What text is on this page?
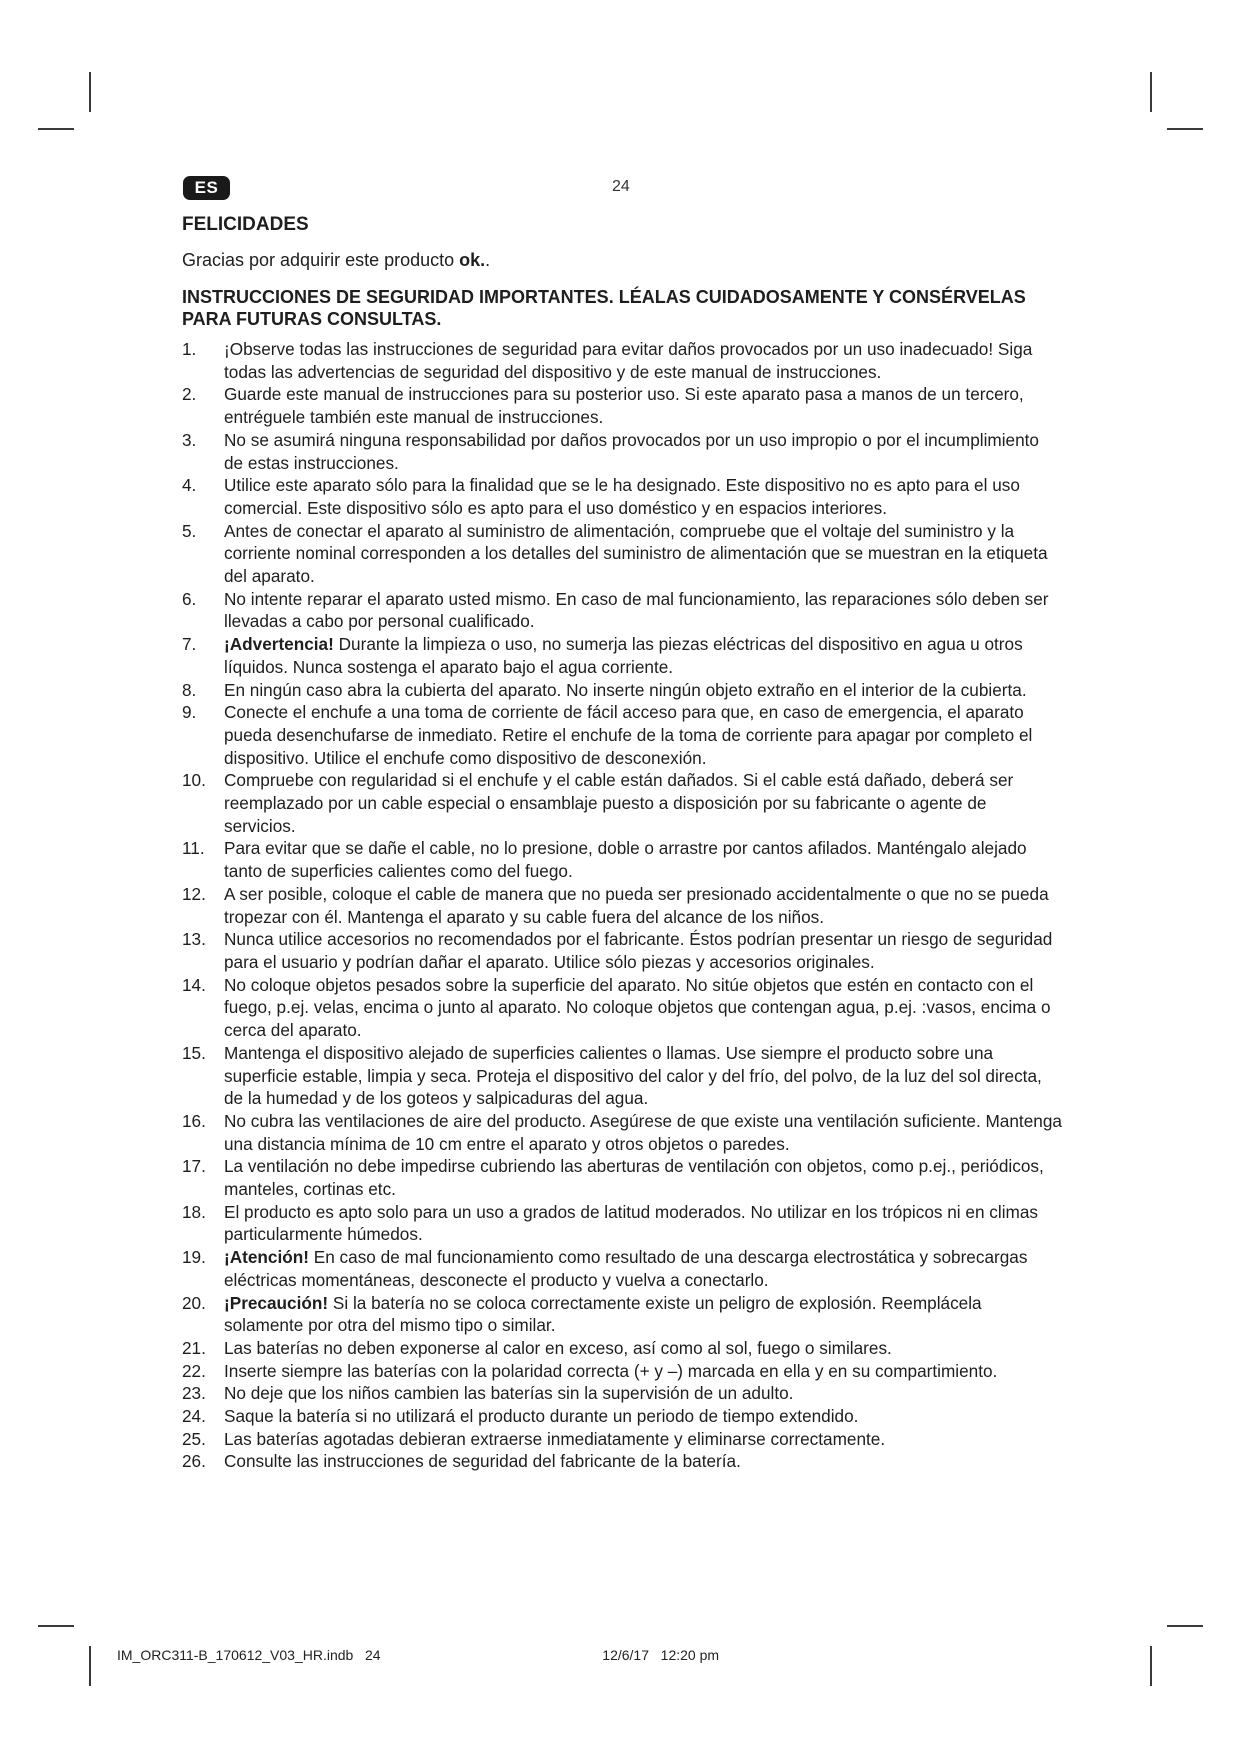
ES	24
FELICIDADES

Gracias por adquirir este producto ok..

INSTRUCCIONES DE SEGURIDAD IMPORTANTES. LÉALAS CUIDADOSAMENTE Y CONSÉRVELAS PARA FUTURAS CONSULTAS.
1. ¡Observe todas las instrucciones de seguridad para evitar daños provocados por un uso inadecuado! Siga todas las advertencias de seguridad del dispositivo y de este manual de instrucciones.
2. Guarde este manual de instrucciones para su posterior uso. Si este aparato pasa a manos de un tercero, entréguele también este manual de instrucciones.
3. No se asumirá ninguna responsabilidad por daños provocados por un uso impropio o por el incumplimiento de estas instrucciones.
4. Utilice este aparato sólo para la finalidad que se le ha designado. Este dispositivo no es apto para el uso comercial. Este dispositivo sólo es apto para el uso doméstico y en espacios interiores.
5. Antes de conectar el aparato al suministro de alimentación, compruebe que el voltaje del suministro y la corriente nominal corresponden a los detalles del suministro de alimentación que se muestran en la etiqueta del aparato.
6. No intente reparar el aparato usted mismo. En caso de mal funcionamiento, las reparaciones sólo deben ser llevadas a cabo por personal cualificado.
7. ¡Advertencia! Durante la limpieza o uso, no sumerja las piezas eléctricas del dispositivo en agua u otros líquidos. Nunca sostenga el aparato bajo el agua corriente.
8. En ningún caso abra la cubierta del aparato. No inserte ningún objeto extraño en el interior de la cubierta.
9. Conecte el enchufe a una toma de corriente de fácil acceso para que, en caso de emergencia, el aparato pueda desenchufarse de inmediato. Retire el enchufe de la toma de corriente para apagar por completo el dispositivo. Utilice el enchufe como dispositivo de desconexión.
10. Compruebe con regularidad si el enchufe y el cable están dañados. Si el cable está dañado, deberá ser reemplazado por un cable especial o ensamblaje puesto a disposición por su fabricante o agente de servicios.
11. Para evitar que se dañe el cable, no lo presione, doble o arrastre por cantos afilados. Manténgalo alejado tanto de superficies calientes como del fuego.
12. A ser posible, coloque el cable de manera que no pueda ser presionado accidentalmente o que no se pueda tropezar con él. Mantenga el aparato y su cable fuera del alcance de los niños.
13. Nunca utilice accesorios no recomendados por el fabricante. Éstos podrían presentar un riesgo de seguridad para el usuario y podrían dañar el aparato. Utilice sólo piezas y accesorios originales.
14. No coloque objetos pesados sobre la superficie del aparato. No sitúe objetos que estén en contacto con el fuego, p.ej. velas, encima o junto al aparato. No coloque objetos que contengan agua, p.ej. :vasos, encima o cerca del aparato.
15. Mantenga el dispositivo alejado de superficies calientes o llamas. Use siempre el producto sobre una superficie estable, limpia y seca. Proteja el dispositivo del calor y del frío, del polvo, de la luz del sol directa, de la humedad y de los goteos y salpicaduras del agua.
16. No cubra las ventilaciones de aire del producto. Asegúrese de que existe una ventilación suficiente. Mantenga una distancia mínima de 10 cm entre el aparato y otros objetos o paredes.
17. La ventilación no debe impedirse cubriendo las aberturas de ventilación con objetos, como p.ej., periódicos, manteles, cortinas etc.
18. El producto es apto solo para un uso a grados de latitud moderados. No utilizar en los trópicos ni en climas particularmente húmedos.
19. ¡Atención! En caso de mal funcionamiento como resultado de una descarga electrostática y sobrecargas eléctricas momentáneas, desconecte el producto y vuelva a conectarlo.
20. ¡Precaución! Si la batería no se coloca correctamente existe un peligro de explosión. Reemplácela solamente por otra del mismo tipo o similar.
21. Las baterías no deben exponerse al calor en exceso, así como al sol, fuego o similares.
22. Inserte siempre las baterías con la polaridad correcta (+ y –) marcada en ella y en su compartimiento.
23. No deje que los niños cambien las baterías sin la supervisión de un adulto.
24. Saque la batería si no utilizará el producto durante un periodo de tiempo extendido.
25. Las baterías agotadas debieran extraerse inmediatamente y eliminarse correctamente.
26. Consulte las instrucciones de seguridad del fabricante de la batería.
IM_ORC311-B_170612_V03_HR.indb   24                                                         12/6/17   12:20 pm
